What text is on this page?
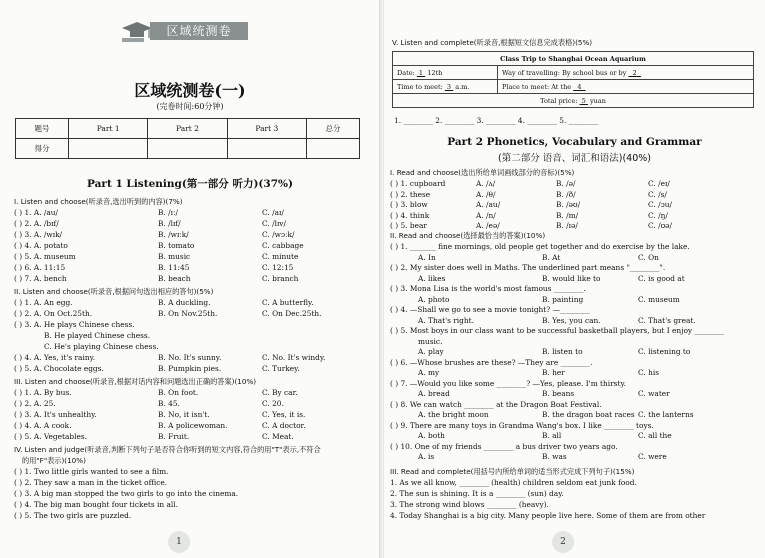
区域统测卷
区域统测卷(一)
(完卷时间:60分钟)
题号	Part 1	Part 2	Part 3	总分
得分				
Part 1 Listening(第一部分 听力)(37%)
I. Listen and choose(听录音,选出听到的内容)(7%)
( ) 1. A. /au/	B. /ɪː/	C. /aɪ/
( ) 2. A. /bɪf/	B. /lɪf/	C. /lɪv/
( ) 3. A. /wɪk/	B. /wɪːk/	C. /wɔːk/
( ) 4. A. potato	B. tomato	C. cabbage
( ) 5. A. museum	B. music	C. minute
( ) 6. A. 11:15	B. 11:45	C. 12:15
( ) 7. A. bench	B. beach	C. branch
II. Listen and choose(听录音,根据问句选出相应的答句)(5%)
( ) 1. A. An egg.	B. A duckling.	C. A butterfly.
( ) 2. A. On Oct.25th.	B. On Nov.25th.	C. On Dec.25th.
( ) 3. A. He plays Chinese chess.
B. He played Chinese chess.
C. He's playing Chinese chess.
( ) 4. A. Yes, it's rainy.	B. No. It's sunny.	C. No. It's windy.
( ) 5. A. Chocolate eggs.	B. Pumpkin pies.	C. Turkey.
III. Listen and choose(听录音,根据对话内容和问题选出正确的答案)(10%)
( ) 1. A. By bus.	B. On foot.	C. By car.
( ) 2. A. 25.	B. 45.	C. 20.
( ) 3. A. It's unhealthy.	B. No, it isn't.	C. Yes, it is.
( ) 4. A. A cook.	B. A policewoman.	C. A doctor.
( ) 5. A. Vegetables.	B. Fruit.	C. Meat.
IV. Listen and judge(听录音,判断下列句子是否符合你听到的短文内容,符合的用"T"表示,不符合
的用"F"表示)(10%)
( ) 1. Two little girls wanted to see a film.
( ) 2. They saw a man in the ticket office.
( ) 3. A big man stopped the two girls to go into the cinema.
( ) 4. The big man bought four tickets in all.
( ) 5. The two girls are puzzled.
1
V. Listen and complete(听录音,根据短文信息完成表格)(5%)
Class Trip to Shanghai Ocean Aquarium	
Date: 1 12th	Way of travelling: By school bus or by 2
Time to meet: 3 a.m.	Place to meet: At the 4
Total price: 5 yuan	
1. ________ 2. ________ 3. ________ 4. ________ 5. ________
Part 2 Phonetics, Vocabulary and Grammar
(第二部分 语音、词汇和语法)(40%)
I. Read and choose(选出所给单词画线部分的音标)(5%)
( ) 1. cupboard	A. /ʌ/	B. /ə/	C. /eɪ/
( ) 2. these	A. /θ/	B. /ð/	C. /s/
( ) 3. blow	A. /au/	B. /əʊ/	C. /ɔu/
( ) 4. think	A. /n/	B. /m/	C. /ŋ/
( ) 5. bear	A. /eə/	B. /ɪə/	C. /ʊə/
II. Read and choose(选择最恰当的答案)(10%)
( ) 1. _______ fine mornings, old people get together and do exercise by the lake.
A. In	B. At	C. On
( ) 2. My sister does well in Maths. The underlined part means "________".
A. likes	B. would like to	C. is good at
( ) 3. Mona Lisa is the world's most famous ________.
A. photo	B. painting	C. museum
( ) 4. —Shall we go to see a movie tonight? —________
A. That's right.	B. Yes, you can.	C. That's great.
( ) 5. Most boys in our class want to be successful basketball players, but I enjoy ________
music.
A. play	B. listen to	C. listening to
( ) 6. —Whose brushes are these? —They are ________.
A. my	B. her	C. his
( ) 7. —Would you like some ________? —Yes, please. I'm thirsty.
A. bread	B. beans	C. water
( ) 8. We can watch ________ at the Dragon Boat Festival.
A. the bright moon	B. the dragon boat races C. the lanterns
( ) 9. There are many toys in Grandma Wang's box. I like ________ toys.
A. both	B. all	C. all the
( ) 10. One of my friends ________ a bus driver two years ago.
A. is	B. was	C. were
III. Read and complete(用括号内所给单词的适当形式完成下列句子)(15%)
1. As we all know, ________ (health) children seldom eat junk food.
2. The sun is shining. It is a ________ (sun) day.
3. The strong wind blows ________ (heavy).
4. Today Shanghai is a big city. Many people live here. Some of them are from other
2
